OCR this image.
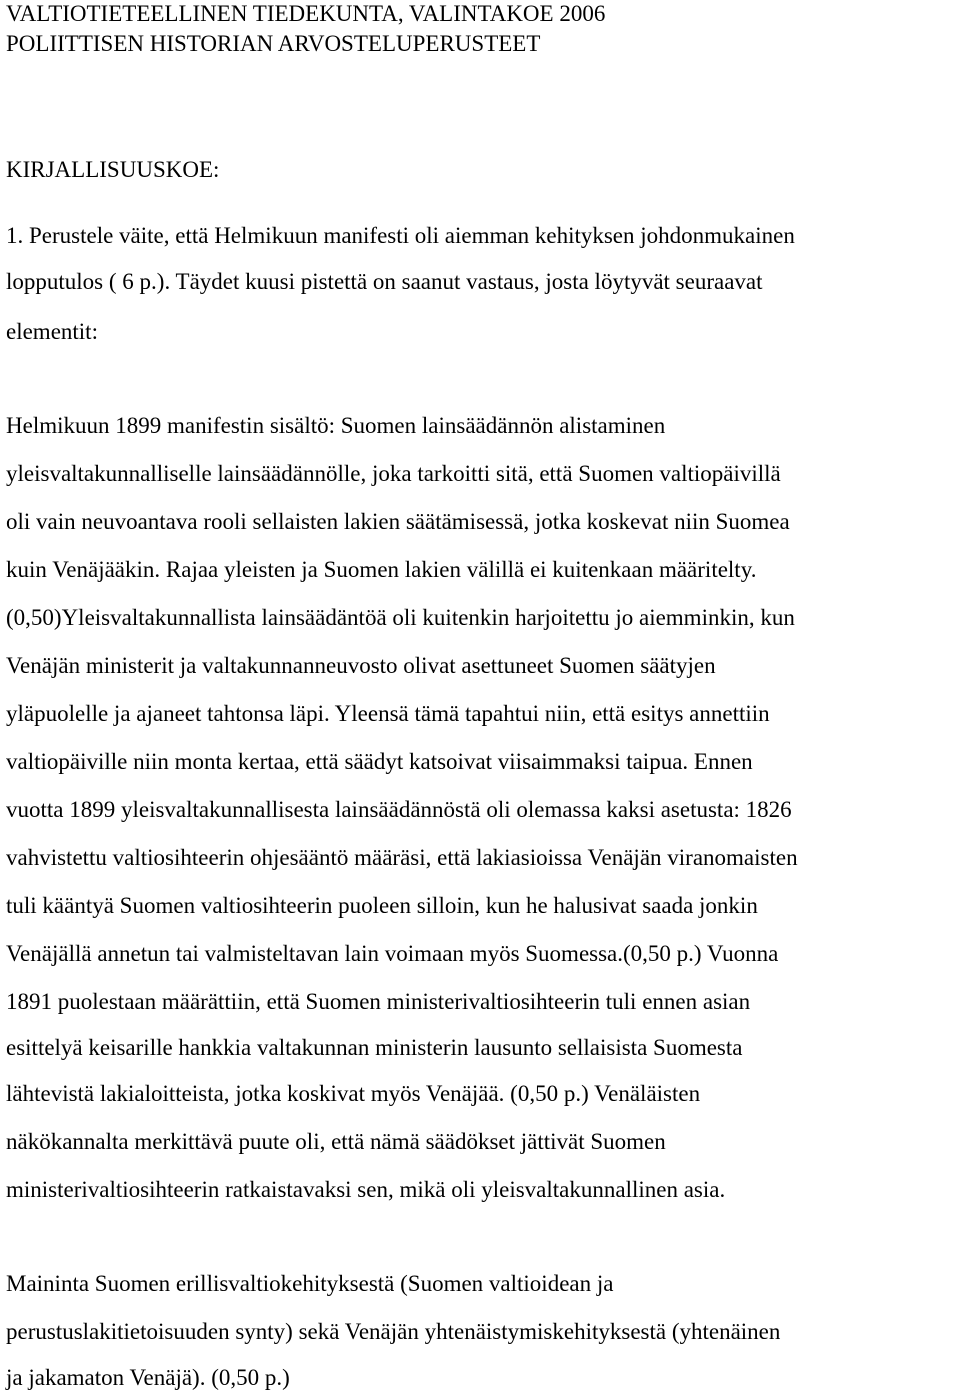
VALTIOTIETEELLINEN TIEDEKUNTA, VALINTAKOE 2006
POLIITTISEN HISTORIAN ARVOSTELUPERUSTEET
KIRJALLISUUSKOE:
1. Perustele väite, että Helmikuun manifesti oli aiemman kehityksen johdonmukainen
lopputulos ( 6 p.). Täydet kuusi pistettä on saanut vastaus, josta löytyvät seuraavat
elementit:
Helmikuun 1899 manifestin sisältö: Suomen lainsäädännön alistaminen
yleisvaltakunnalliselle lainsäädännölle, joka tarkoitti sitä, että Suomen valtiopäivillä
oli vain neuvoantava rooli sellaisten lakien säätämisessä, jotka koskevat niin Suomea
kuin Venäjääkin. Rajaa yleisten ja Suomen lakien välillä ei kuitenkaan määritelty.
(0,50)Yleisvaltakunnallista lainsäädäntöä oli kuitenkin harjoitettu jo aiemminkin, kun
Venäjän ministerit ja valtakunnanneuvosto olivat asettuneet Suomen säätyjen
yläpuolelle ja ajaneet tahtonsa läpi. Yleensä tämä tapahtui niin, että esitys annettiin
valtiopäiville niin monta kertaa, että säädyt katsoivat viisaimmaksi taipua. Ennen
vuotta 1899 yleisvaltakunnallisesta lainsäädännöstä oli olemassa kaksi asetusta: 1826
vahvistettu valtiosihteerin ohjesääntö määräsi, että lakiasioissa Venäjän viranomaisten
tuli kääntyä Suomen valtiosihteerin puoleen silloin, kun he halusivat saada jonkin
Venäjällä annetun tai valmisteltavan lain voimaan myös Suomessa.(0,50 p.) Vuonna
1891 puolestaan määrättiin, että Suomen ministerivaltiosihteerin tuli ennen asian
esittelyä keisarille hankkia valtakunnan ministerin lausunto sellaisista Suomesta
lähtevistä lakialoitteista, jotka koskivat myös Venäjää. (0,50 p.) Venäläisten
näkökannalta merkittävä puute oli, että nämä säädökset jättivät Suomen
ministerivaltiosihteerin ratkaistavaksi sen, mikä oli yleisvaltakunnallinen asia.
Maininta Suomen erillisvaltiokehityksestä (Suomen valtioidean ja
perustuslakitietoisuuden synty) sekä Venäjän yhtenäistymiskehityksestä (yhtenäinen
ja jakamaton Venäjä). (0,50 p.)
